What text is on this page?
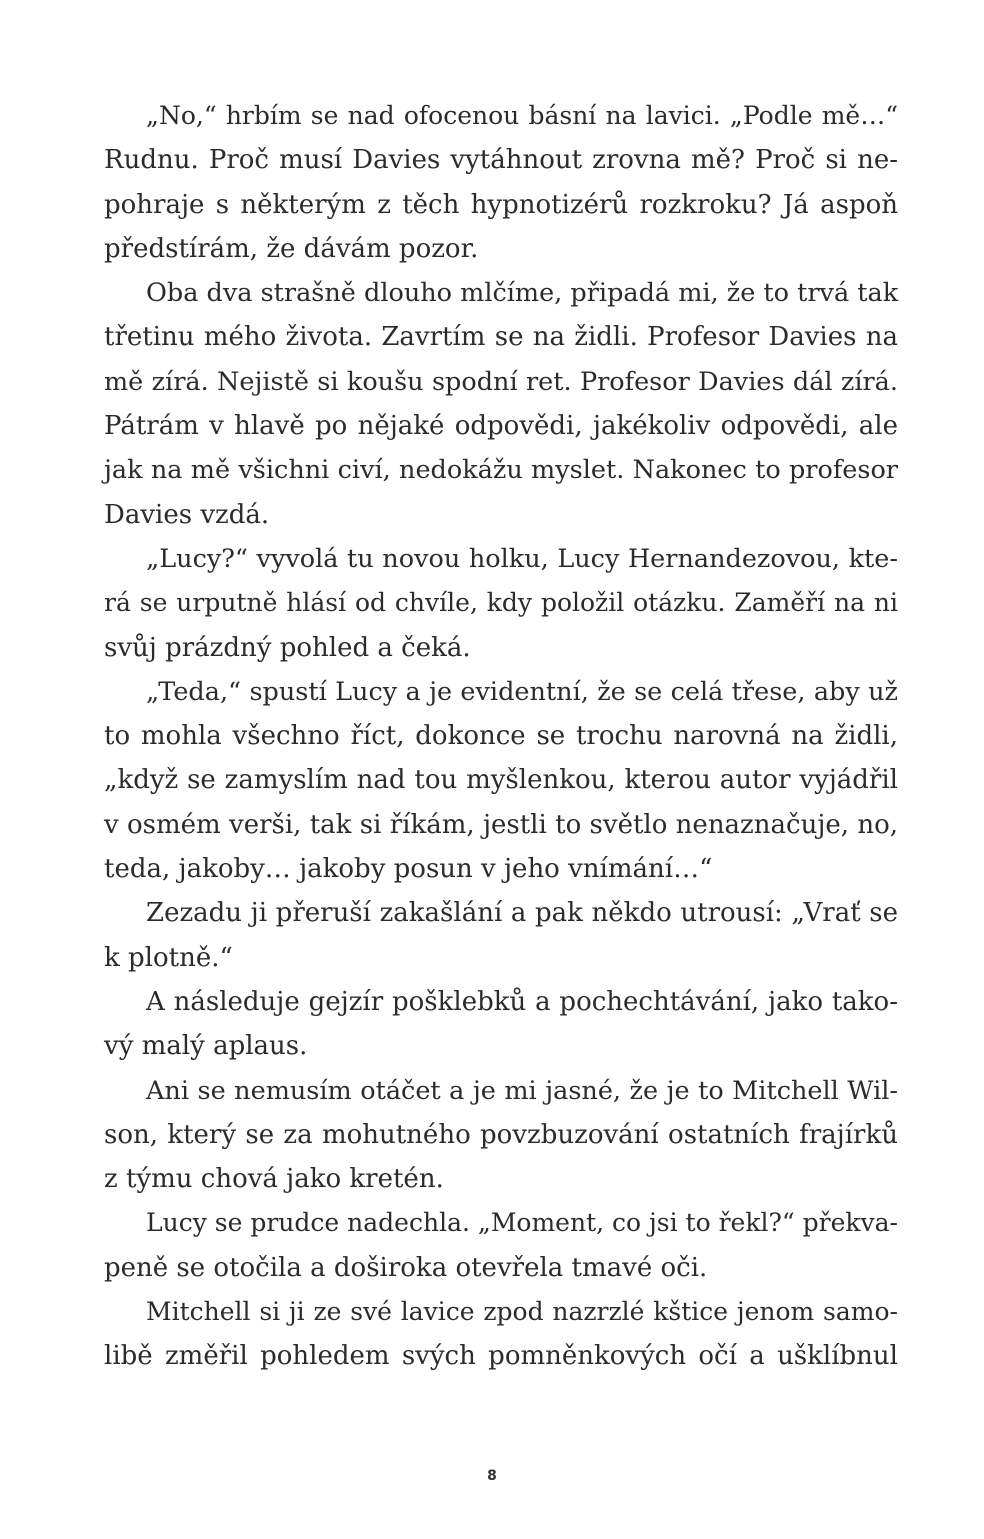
„No,“ hrbím se nad ofocenou básní na lavici. „Podle mě…“
Rudnu. Proč musí Davies vytáhnout zrovna mě? Proč si ne-
pohraje s některým z těch hypnotizérů rozkroku? Já aspoň
předstírám, že dávám pozor.
Oba dva strašně dlouho mlčíme, připadá mi, že to trvá tak
třetinu mého života. Zavrtím se na židli. Profesor Davies na
mě zírá. Nejistě si koušu spodní ret. Profesor Davies dál zírá.
Pátrám v hlavě po nějaké odpovědi, jakékoliv odpovědi, ale
jak na mě všichni civí, nedokážu myslet. Nakonec to profesor
Davies vzdá.
„Lucy?“ vyvolá tu novou holku, Lucy Hernandezovou, kte-
rá se urputně hlásí od chvíle, kdy položil otázku. Zaměří na ni
svůj prázdný pohled a čeká.
„Teda,“ spustí Lucy a je evidentní, že se celá třese, aby už
to mohla všechno říct, dokonce se trochu narovná na židli,
„když se zamyslím nad tou myšlenkou, kterou autor vyjádřil
v osmém verši, tak si říkám, jestli to světlo nenaznačuje, no,
teda, jakoby… jakoby posun v jeho vnímání…“
Zezadu ji přeruší zakašlání a pak někdo utrousí: „Vrať se
k plotně.“
A následuje gejzír pošklebků a pochechtávání, jako tako-
vý malý aplaus.
Ani se nemusím otáčet a je mi jasné, že je to Mitchell Wil-
son, který se za mohutného povzbuzování ostatních frajírků
z týmu chová jako kretén.
Lucy se prudce nadechla. „Moment, co jsi to řekl?“ překva-
peně se otočila a doširoka otevřela tmavé oči.
Mitchell si ji ze své lavice zpod nazrzlé kštice jenom samo-
libě změřil pohledem svých pomněnkových očí a ušklíbnul
8
